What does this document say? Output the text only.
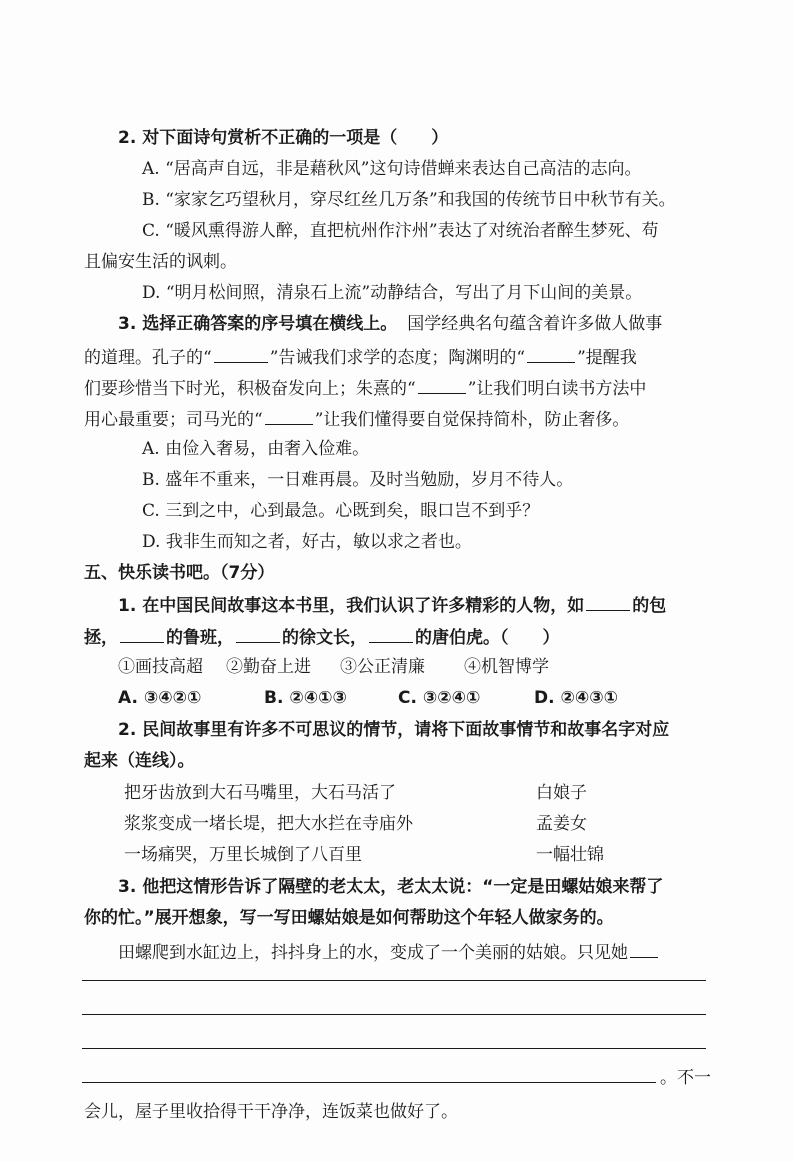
2. 对下面诗句赏析不正确的一项是（　　）
A. “居高声自远，非是藉秋风”这句诗借蝉来表达自己高洁的志向。
B. “家家乞巧望秋月，穿尽红丝几万条”和我国的传统节日中秋节有关。
C. “暖风熏得游人醉，直把杭州作汴州”表达了对统治者醉生梦死、苟
且偏安生活的讽刺。
D. “明月松间照，清泉石上流”动静结合，写出了月下山间的美景。
3. 选择正确答案的序号填在横线上。 国学经典名句蕴含着许多做人做事
的道理。孔子的“	”告诫我们求学的态度；陶渊明的“	”提醒我
们要珍惜当下时光，积极奋发向上；朱熹的“	”让我们明白读书方法中
用心最重要；司马光的“	”让我们懂得要自觉保持简朴，防止奢侈。
A. 由俭入奢易，由奢入俭难。
B. 盛年不重来，一日难再晨。及时当勉励，岁月不待人。
C. 三到之中，心到最急。心既到矣，眼口岂不到乎？
D. 我非生而知之者，好古，敏以求之者也。
五、快乐读书吧。（7分）
1. 在中国民间故事这本书里，我们认识了许多精彩的人物，如	的包
拯，	的鲁班，	的徐文长，	的唐伯虎。（　　）
①画技高超 ②勤奋上进 ③公正清廉 ④机智博学
A. ③④②①	B. ②④①③	C. ③②④①	D. ②④③①
2. 民间故事里有许多不可思议的情节，请将下面故事情节和故事名字对应
起来（连线）。
把牙齿放到大石马嘴里，大石马活了	白娘子
浆浆变成一堵长堤，把大水拦在寺庙外	孟姜女
一场痛哭，万里长城倒了八百里	一幅壮锦
3. 他把这情形告诉了隔壁的老太太，老太太说：“一定是田螺姑娘来帮了
你的忙。”展开想象，写一写田螺姑娘是如何帮助这个年轻人做家务的。
田螺爬到水缸边上，抖抖身上的水，变成了一个美丽的姑娘。只见她
。不一
会儿，屋子里收拾得干干净净，连饭菜也做好了。
